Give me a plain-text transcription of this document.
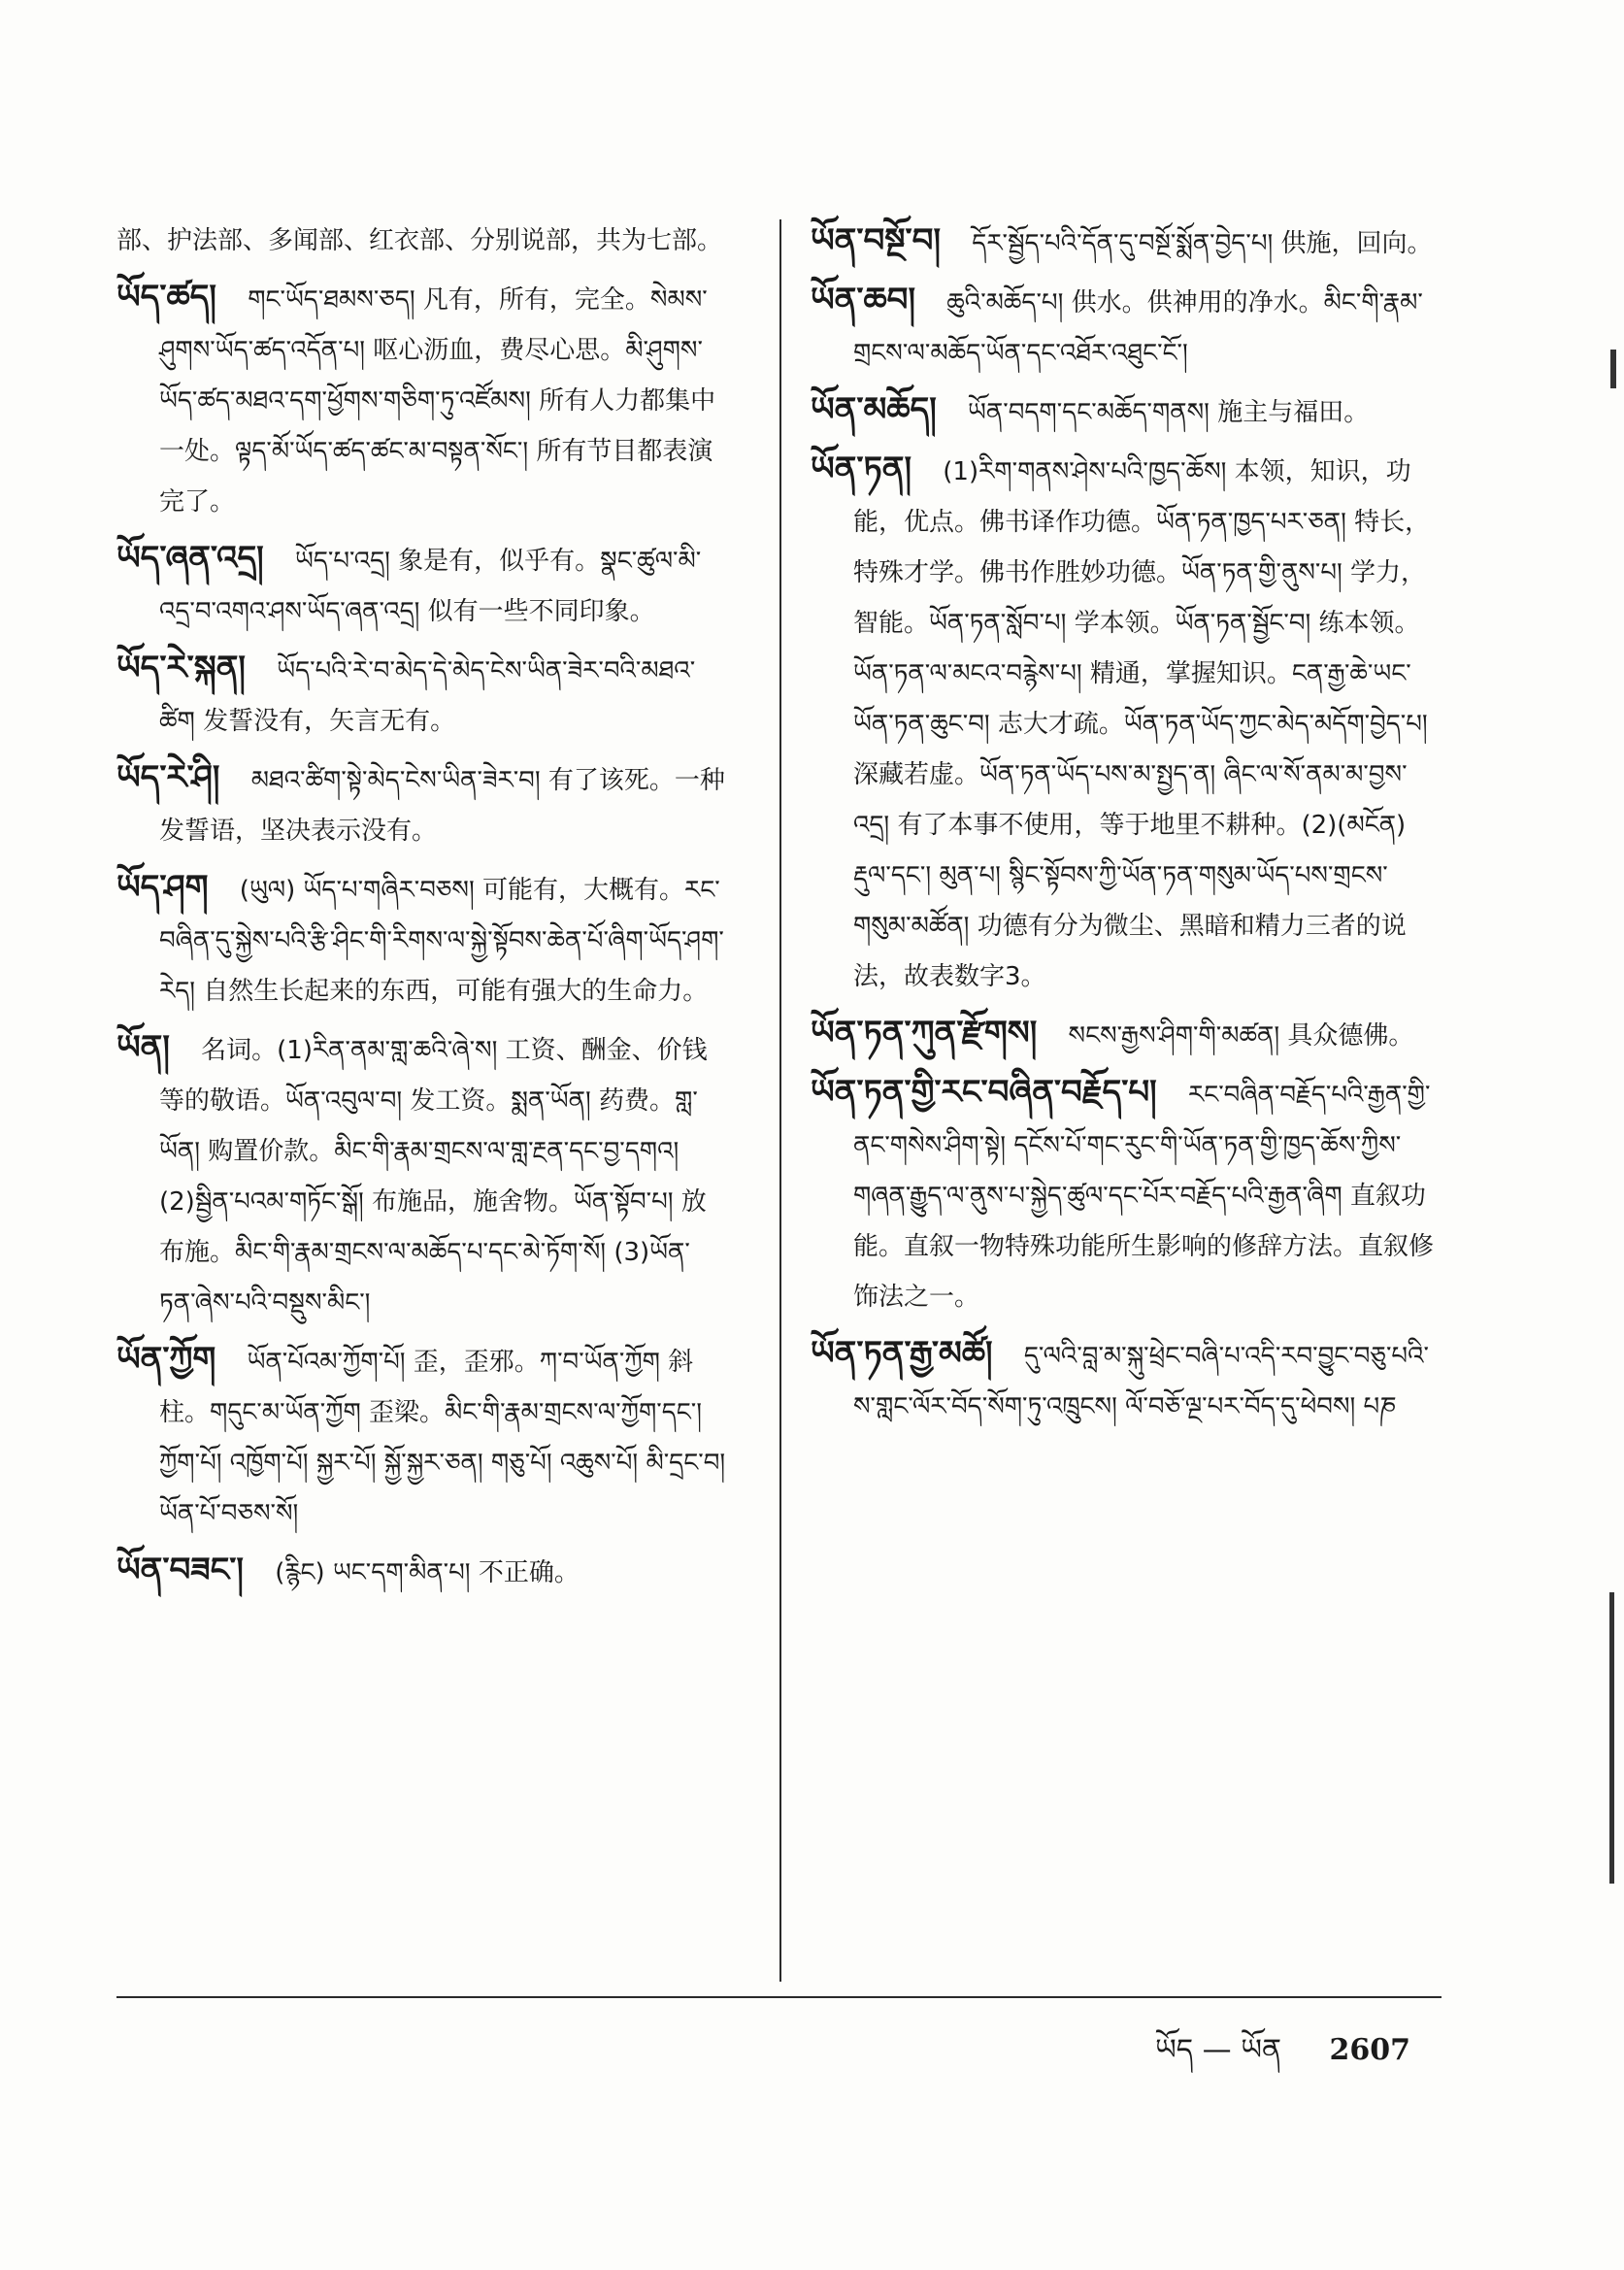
部、护法部、多闻部、红衣部、分别说部，共为七部。
ཡོད་ཚད། གང་ཡོད་ཐམས་ཅད། 凡有，所有，完全。སེམས་ཤུགས་ཡོད་ཚད་འདོན་པ། 呕心沥血，费尽心思。མི་ཤུགས་ཡོད་ཚད་མཐའ་དག་ཕྱོགས་གཅིག་ཏུ་འཛོམས། 所有人力都集中一处。ལྟད་མོ་ཡོད་ཚད་ཚང་མ་བསྟན་སོང་། 所有节目都表演完了。
ཡོད་ཞན་འདྲ། ཡོད་པ་འདྲ། 象是有，似乎有。སྣང་ཚུལ་མི་འདྲ་བ་འགའ་ཤས་ཡོད་ཞན་འདྲ། 似有一些不同印象。
ཡོད་རེ་སྐན། ཡོད་པའི་རེ་བ་མེད་དེ་མེད་ངེས་ཡིན་ཟེར་བའི་མཐའ་ཚིག 发誓没有，矢言无有。
ཡོད་རེ་ཤི། མཐའ་ཚིག་སྟེ་མེད་ངེས་ཡིན་ཟེར་བ། 有了该死。一种发誓语，坚决表示没有。
ཡོད་ཤག (ཡུལ) ཡོད་པ་གཞིར་བཅས། 可能有，大概有。རང་བཞིན་དུ་སྐྱེས་པའི་རྩི་ཤིང་གི་རིགས་ལ་སྐྱེ་སྟོབས་ཆེན་པོ་ཞིག་ཡོད་ཤག་རེད། 自然生长起来的东西，可能有强大的生命力。
ཡོན། 名词。(1)རིན་ནམ་གླ་ཆའི་ཞེ་ས། 工资、酬金、价钱等的敬语。ཡོན་འབུལ་བ། 发工资。སྨན་ཡོན། 药费。གླ་ཡོན། 购置价款。མིང་གི་རྣམ་གྲངས་ལ་གླ་རྔན་དང་བྱ་དགའ། (2)སྦྱིན་པའམ་གཏོང་སྒོ། 布施品，施舍物。ཡོན་སྟོབ་པ། 放布施。མིང་གི་རྣམ་གྲངས་ལ་མཆོད་པ་དང་མེ་ཏོག་སོ། (3)ཡོན་ཏན་ཞེས་པའི་བསྡུས་མིང་།
ཡོན་ཀྱོག ཡོན་པོའམ་ཀྱོག་པོ། 歪，歪邪。ཀ་བ་ཡོན་ཀྱོག 斜柱。གདུང་མ་ཡོན་ཀྱོག 歪梁。མིང་གི་རྣམ་གྲངས་ལ་ཀྱོག་དང་། ཀྱོག་པོ། འཁྱོག་པོ། སྐྱར་པོ། སྐྱོ་སྐྱར་ཅན། གཅུ་པོ། འཆུས་པོ། མི་དྲང་བ། ཡོན་པོ་བཅས་སོ།
ཡོན་བཟང་། (རྙིང) ཡང་དག་མིན་པ། 不正确。
ཡོན་བསྔོ་བ། དོར་སྦྱོད་པའི་དོན་དུ་བསྔོ་སྨོན་བྱེད་པ། 供施，回向。
ཡོན་ཆབ། ཆུའི་མཆོད་པ། 供水。供神用的净水。མིང་གི་རྣམ་གྲངས་ལ་མཆོད་ཡོན་དང་འཐོར་འཐུང་ངོ་།
ཡོན་མཆོད། ཡོན་བདག་དང་མཆོད་གནས། 施主与福田。
ཡོན་ཏན། (1)རིག་གནས་ཤེས་པའི་ཁྱད་ཆོས། 本领，知识，功能，优点。佛书译作功德。ཡོན་ཏན་ཁྱད་པར་ཅན། 特长，特殊才学。佛书作胜妙功德。ཡོན་ཏན་གྱི་ནུས་པ། 学力，智能。ཡོན་ཏན་སློབ་པ། 学本领。ཡོན་ཏན་སྦྱོང་བ། 练本领。ཡོན་ཏན་ལ་མངའ་བརྙེས་པ། 精通，掌握知识。ངན་རྒྱ་ཆེ་ཡང་ཡོན་ཏན་ཆུང་བ། 志大才疏。ཡོན་ཏན་ཡོད་ཀྱང་མེད་མདོག་བྱེད་པ། 深藏若虚。ཡོན་ཏན་ཡོད་པས་མ་སྤྱད་ན། ཞིང་ལ་སོ་ནམ་མ་བྱས་འདྲ། 有了本事不使用，等于地里不耕种。(2)(མངོན) རྡུལ་དང་། མུན་པ། སྙིང་སྟོབས་ཀྱི་ཡོན་ཏན་གསུམ་ཡོད་པས་གྲངས་གསུམ་མཚོན། 功德有分为微尘、黑暗和精力三者的说法，故表数字3。
ཡོན་ཏན་ཀུན་རྫོགས། སངས་རྒྱས་ཤིག་གི་མཚན། 具众德佛。
ཡོན་ཏན་གྱི་རང་བཞིན་བརྗོད་པ། རང་བཞིན་བརྗོད་པའི་རྒྱན་གྱི་ནང་གསེས་ཤིག་སྟེ། དངོས་པོ་གང་རུང་གི་ཡོན་ཏན་གྱི་ཁྱད་ཆོས་ཀྱིས་གཞན་རྒྱུད་ལ་ནུས་པ་སྐྱེད་ཚུལ་དང་པོར་བརྗོད་པའི་རྒྱན་ཞིག 直叙功能。直叙一物特殊功能所生影响的修辞方法。直叙修饰法之一。
ཡོན་ཏན་རྒྱ་མཚོ། དུ་ལའི་བླ་མ་སྐུ་ཕྲེང་བཞི་པ་འདི་རབ་བྱུང་བཅུ་པའི་ས་གླང་ལོར་བོད་སོག་ཏུ་འཁྲུངས། ལོ་བཅོ་ལྔ་པར་བོད་དུ་ཕེབས། པཎ
ཡོད — ཡོན 2607
